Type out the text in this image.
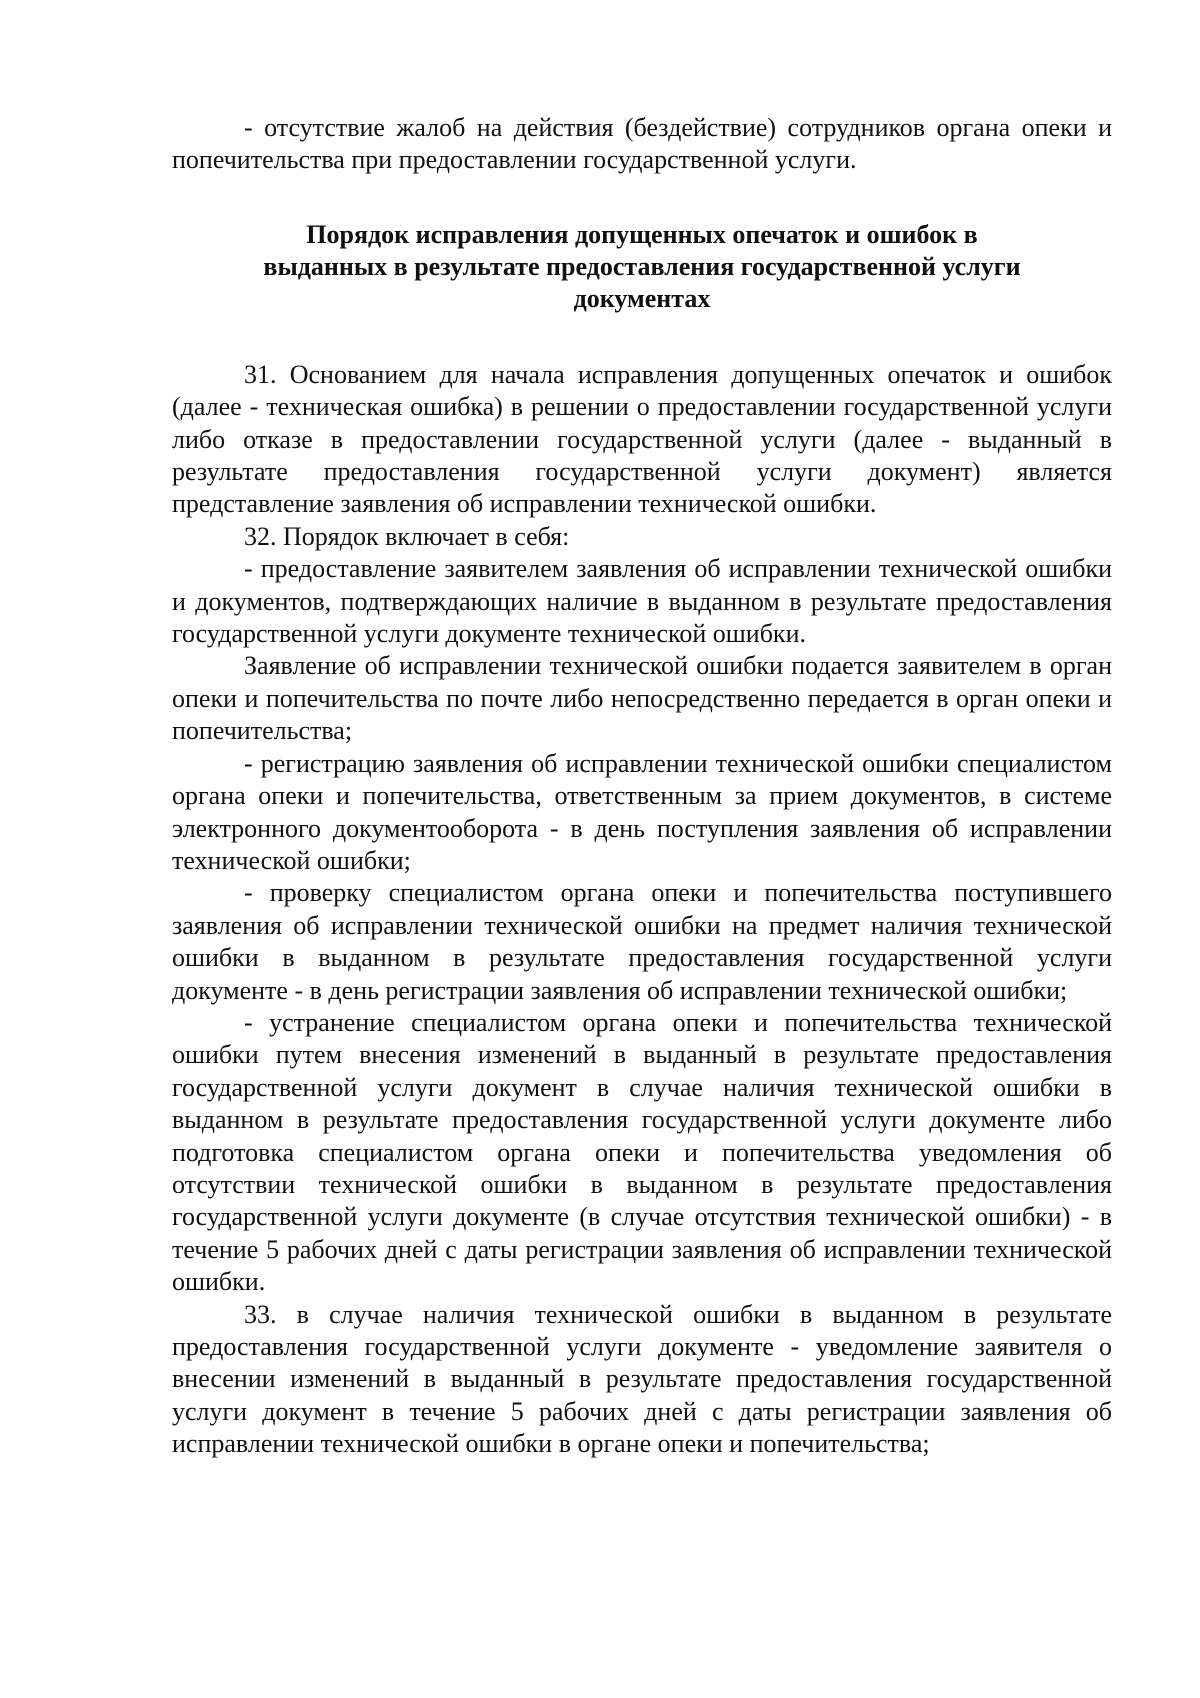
- отсутствие жалоб на действия (бездействие) сотрудников органа опеки и попечительства при предоставлении государственной услуги.

Порядок исправления допущенных опечаток и ошибок в
выданных в результате предоставления государственной услуги
документах

31. Основанием для начала исправления допущенных опечаток и ошибок (далее - техническая ошибка) в решении о предоставлении государственной услуги либо отказе в предоставлении государственной услуги (далее - выданный в результате предоставления государственной услуги документ) является представление заявления об исправлении технической ошибки.

32. Порядок включает в себя:

- предоставление заявителем заявления об исправлении технической ошибки и документов, подтверждающих наличие в выданном в результате предоставления государственной услуги документе технической ошибки.

Заявление об исправлении технической ошибки подается заявителем в орган опеки и попечительства по почте либо непосредственно передается в орган опеки и попечительства;

- регистрацию заявления об исправлении технической ошибки специалистом органа опеки и попечительства, ответственным за прием документов, в системе электронного документооборота - в день поступления заявления об исправлении технической ошибки;

- проверку специалистом органа опеки и попечительства поступившего заявления об исправлении технической ошибки на предмет наличия технической ошибки в выданном в результате предоставления государственной услуги документе - в день регистрации заявления об исправлении технической ошибки;

- устранение специалистом органа опеки и попечительства технической ошибки путем внесения изменений в выданный в результате предоставления государственной услуги документ в случае наличия технической ошибки в выданном в результате предоставления государственной услуги документе либо подготовка специалистом органа опеки и попечительства уведомления об отсутствии технической ошибки в выданном в результате предоставления государственной услуги документе (в случае отсутствия технической ошибки) - в течение 5 рабочих дней с даты регистрации заявления об исправлении технической ошибки.

33. в случае наличия технической ошибки в выданном в результате предоставления государственной услуги документе - уведомление заявителя о внесении изменений в выданный в результате предоставления государственной услуги документ в течение 5 рабочих дней с даты регистрации заявления об исправлении технической ошибки в органе опеки и попечительства;
